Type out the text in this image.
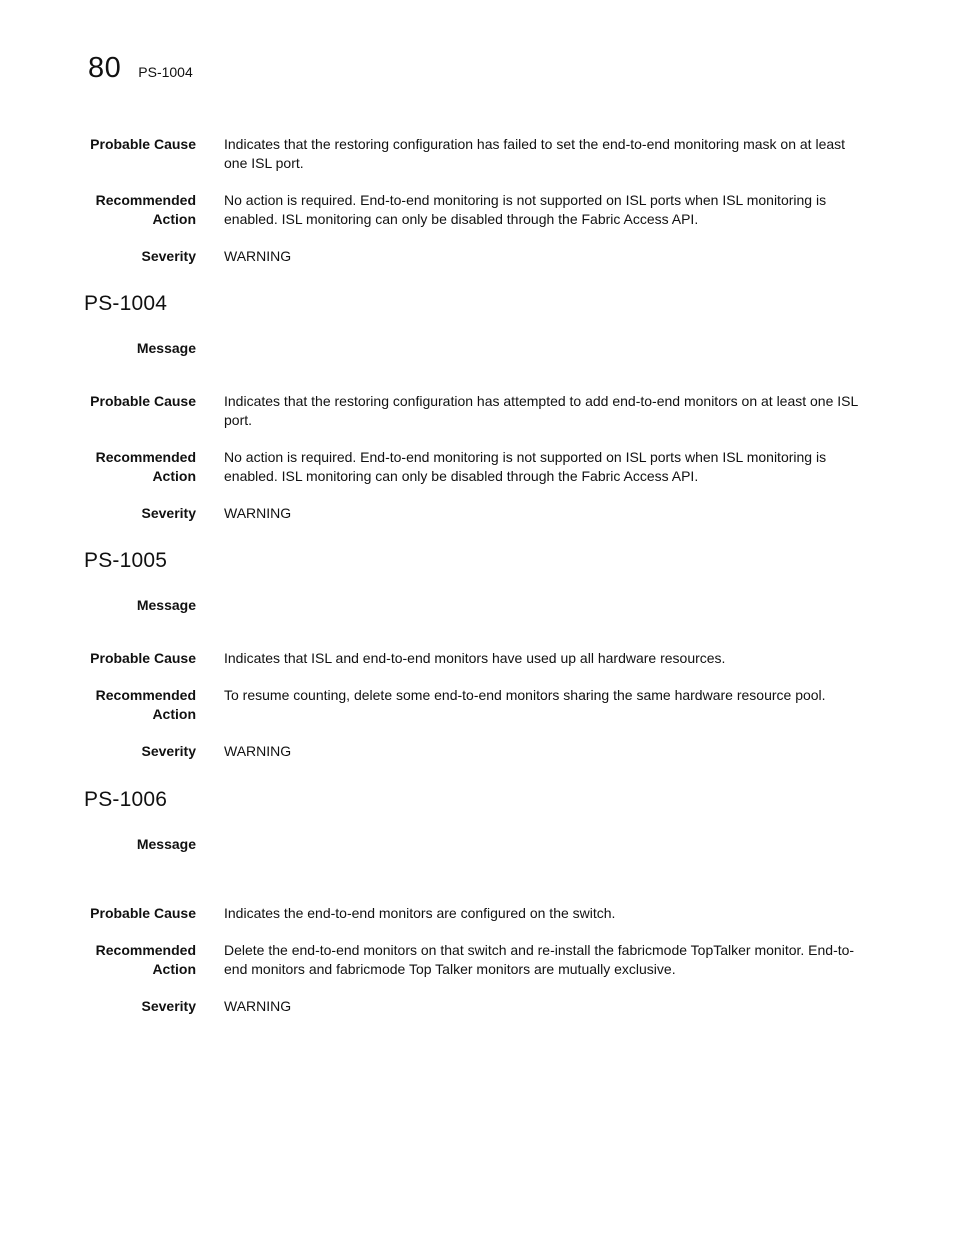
80 PS-1004
Probable Cause Indicates that the restoring configuration has failed to set the end-to-end monitoring mask on at least one ISL port.
Recommended Action
No action is required. End-to-end monitoring is not supported on ISL ports when ISL monitoring is enabled. ISL monitoring can only be disabled through the Fabric Access API.
Severity WARNING
PS-1004
Message
Probable Cause Indicates that the restoring configuration has attempted to add end-to-end monitors on at least one ISL port.
Recommended Action
No action is required. End-to-end monitoring is not supported on ISL ports when ISL monitoring is enabled. ISL monitoring can only be disabled through the Fabric Access API.
Severity WARNING
PS-1005
Message
Probable Cause Indicates that ISL and end-to-end monitors have used up all hardware resources.
Recommended Action
To resume counting, delete some end-to-end monitors sharing the same hardware resource pool.
Severity WARNING
PS-1006
Message
Probable Cause Indicates the end-to-end monitors are configured on the switch.
Recommended Action
Delete the end-to-end monitors on that switch and re-install the fabricmode TopTalker monitor. End-to-end monitors and fabricmode Top Talker monitors are mutually exclusive.
Severity WARNING
